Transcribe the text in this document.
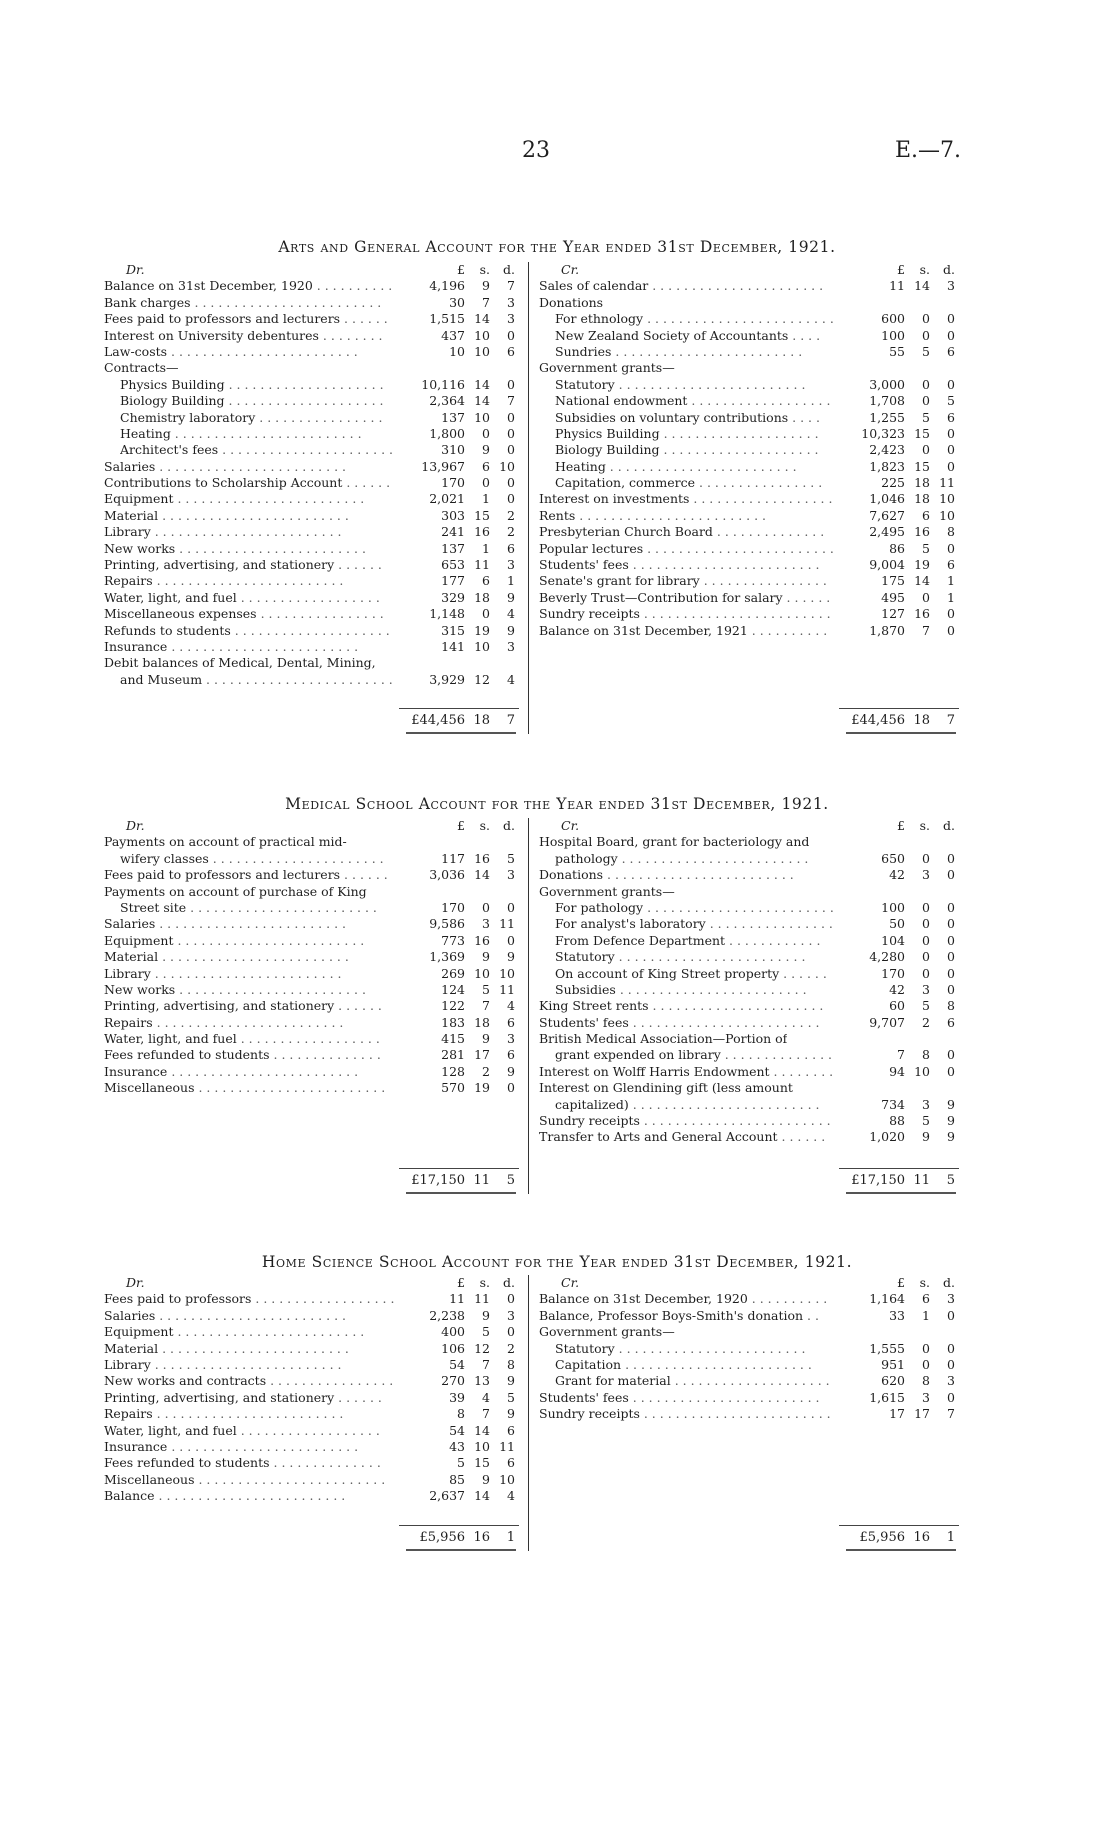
23	E.—7.
Arts and General Account for the Year ended 31st December, 1921.
Dr.	£	s.	d.
Balance on 31st December, 1920 . . . . . . . . . .	4,196	9	7
Bank charges . . . . . . . . . . . . . . . . . . . . . . . .	30	7	3
Fees paid to professors and lecturers . . . . . .	1,515 14	3
Interest on University debentures . . . . . . . .	437 10	0
Law-costs . . . . . . . . . . . . . . . . . . . . . . . .	10 10	6
Contracts—
Physics Building . . . . . . . . . . . . . . . . . . . .	10,116 14	0
Biology Building . . . . . . . . . . . . . . . . . . . .	2,364 14	7
Chemistry laboratory . . . . . . . . . . . . . . . .	137 10	0
Heating . . . . . . . . . . . . . . . . . . . . . . . .	1,800	0	0
Architect's fees . . . . . . . . . . . . . . . . . . . . . .	310	9	0
Salaries . . . . . . . . . . . . . . . . . . . . . . . .	13,967	6 10
Contributions to Scholarship Account . . . . . .	170	0	0
Equipment . . . . . . . . . . . . . . . . . . . . . . . .	2,021	1	0
Material . . . . . . . . . . . . . . . . . . . . . . . .	303 15	2
Library . . . . . . . . . . . . . . . . . . . . . . . .	241 16	2
New works . . . . . . . . . . . . . . . . . . . . . . . .	137	1	6
Printing, advertising, and stationery . . . . . .	653 11	3
Repairs . . . . . . . . . . . . . . . . . . . . . . . .	177	6	1
Water, light, and fuel . . . . . . . . . . . . . . . . . .	329 18	9
Miscellaneous expenses . . . . . . . . . . . . . . . .	1,148	0	4
Refunds to students . . . . . . . . . . . . . . . . . . . .	315 19	9
Insurance . . . . . . . . . . . . . . . . . . . . . . . .	141 10	3
Debit balances of Medical, Dental, Mining,
and Museum . . . . . . . . . . . . . . . . . . . . . . . .	3,929 12	4
£44,456 18	7
Cr.	£	s.	d.
Sales of calendar . . . . . . . . . . . . . . . . . . . . . .	11 14	3
Donations
For ethnology . . . . . . . . . . . . . . . . . . . . . . . .	600	0	0
New Zealand Society of Accountants . . . .	100	0	0
Sundries . . . . . . . . . . . . . . . . . . . . . . . .	55	5	6
Government grants—
Statutory . . . . . . . . . . . . . . . . . . . . . . . .	3,000	0	0
National endowment . . . . . . . . . . . . . . . . . .	1,708	0	5
Subsidies on voluntary contributions . . . .	1,255	5	6
Physics Building . . . . . . . . . . . . . . . . . . . .	10,323 15	0
Biology Building . . . . . . . . . . . . . . . . . . . .	2,423	0	0
Heating . . . . . . . . . . . . . . . . . . . . . . . .	1,823 15	0
Capitation, commerce . . . . . . . . . . . . . . . .	225 18 11
Interest on investments . . . . . . . . . . . . . . . . . .	1,046 18 10
Rents . . . . . . . . . . . . . . . . . . . . . . . .	7,627	6 10
Presbyterian Church Board . . . . . . . . . . . . . .	2,495 16	8
Popular lectures . . . . . . . . . . . . . . . . . . . . . . . .	86	5	0
Students' fees . . . . . . . . . . . . . . . . . . . . . . . .	9,004 19	6
Senate's grant for library . . . . . . . . . . . . . . . .	175 14	1
Beverly Trust—Contribution for salary . . . . . .	495	0	1
Sundry receipts . . . . . . . . . . . . . . . . . . . . . . . .	127 16	0
Balance on 31st December, 1921 . . . . . . . . . .	1,870	7	0
£44,456 18	7
Medical School Account for the Year ended 31st December, 1921.
Dr.	£	s.	d.
Payments on account of practical mid-
wifery classes . . . . . . . . . . . . . . . . . . . . . .	117 16	5
Fees paid to professors and lecturers . . . . . .	3,036 14	3
Payments on account of purchase of King
Street site . . . . . . . . . . . . . . . . . . . . . . . .	170	0	0
Salaries . . . . . . . . . . . . . . . . . . . . . . . .	9,586	3 11
Equipment . . . . . . . . . . . . . . . . . . . . . . . .	773 16	0
Material . . . . . . . . . . . . . . . . . . . . . . . .	1,369	9	9
Library . . . . . . . . . . . . . . . . . . . . . . . .	269 10 10
New works . . . . . . . . . . . . . . . . . . . . . . . .	124	5 11
Printing, advertising, and stationery . . . . . .	122	7	4
Repairs . . . . . . . . . . . . . . . . . . . . . . . .	183 18	6
Water, light, and fuel . . . . . . . . . . . . . . . . . .	415	9	3
Fees refunded to students . . . . . . . . . . . . . .	281 17	6
Insurance . . . . . . . . . . . . . . . . . . . . . . . .	128	2	9
Miscellaneous . . . . . . . . . . . . . . . . . . . . . . . .	570 19	0
£17,150 11	5
Cr.	£	s.	d.
Hospital Board, grant for bacteriology and
pathology . . . . . . . . . . . . . . . . . . . . . . . .	650	0	0
Donations . . . . . . . . . . . . . . . . . . . . . . . .	42	3	0
Government grants—
For pathology . . . . . . . . . . . . . . . . . . . . . . . .	100	0	0
For analyst's laboratory . . . . . . . . . . . . . . . .	50	0	0
From Defence Department . . . . . . . . . . . .	104	0	0
Statutory . . . . . . . . . . . . . . . . . . . . . . . .	4,280	0	0
On account of King Street property . . . . . .	170	0	0
Subsidies . . . . . . . . . . . . . . . . . . . . . . . .	42	3	0
King Street rents . . . . . . . . . . . . . . . . . . . . . .	60	5	8
Students' fees . . . . . . . . . . . . . . . . . . . . . . . .	9,707	2	6
British Medical Association—Portion of
grant expended on library . . . . . . . . . . . . . .	7	8	0
Interest on Wolff Harris Endowment . . . . . . . .	94 10	0
Interest on Glendining gift (less amount
capitalized) . . . . . . . . . . . . . . . . . . . . . . . .	734	3	9
Sundry receipts . . . . . . . . . . . . . . . . . . . . . . . .	88	5	9
Transfer to Arts and General Account . . . . . .	1,020	9	9
£17,150 11	5
Home Science School Account for the Year ended 31st December, 1921.
Dr.	£	s.	d.
Fees paid to professors . . . . . . . . . . . . . . . . . .	11 11	0
Salaries . . . . . . . . . . . . . . . . . . . . . . . .	2,238	9	3
Equipment . . . . . . . . . . . . . . . . . . . . . . . .	400	5	0
Material . . . . . . . . . . . . . . . . . . . . . . . .	106 12	2
Library . . . . . . . . . . . . . . . . . . . . . . . .	54	7	8
New works and contracts . . . . . . . . . . . . . . . .	270 13	9
Printing, advertising, and stationery . . . . . .	39	4	5
Repairs . . . . . . . . . . . . . . . . . . . . . . . .	8	7	9
Water, light, and fuel . . . . . . . . . . . . . . . . . .	54 14	6
Insurance . . . . . . . . . . . . . . . . . . . . . . . .	43 10 11
Fees refunded to students . . . . . . . . . . . . . .	5 15	6
Miscellaneous . . . . . . . . . . . . . . . . . . . . . . . .	85	9 10
Balance . . . . . . . . . . . . . . . . . . . . . . . .	2,637 14	4
£5,956 16	1
Cr.	£	s.	d.
Balance on 31st December, 1920 . . . . . . . . . .	1,164	6	3
Balance, Professor Boys-Smith's donation . .	33	1	0
Government grants—
Statutory . . . . . . . . . . . . . . . . . . . . . . . .	1,555	0	0
Capitation . . . . . . . . . . . . . . . . . . . . . . . .	951	0	0
Grant for material . . . . . . . . . . . . . . . . . . . .	620	8	3
Students' fees . . . . . . . . . . . . . . . . . . . . . . . .	1,615	3	0
Sundry receipts . . . . . . . . . . . . . . . . . . . . . . . .	17 17	7
£5,956 16	1
